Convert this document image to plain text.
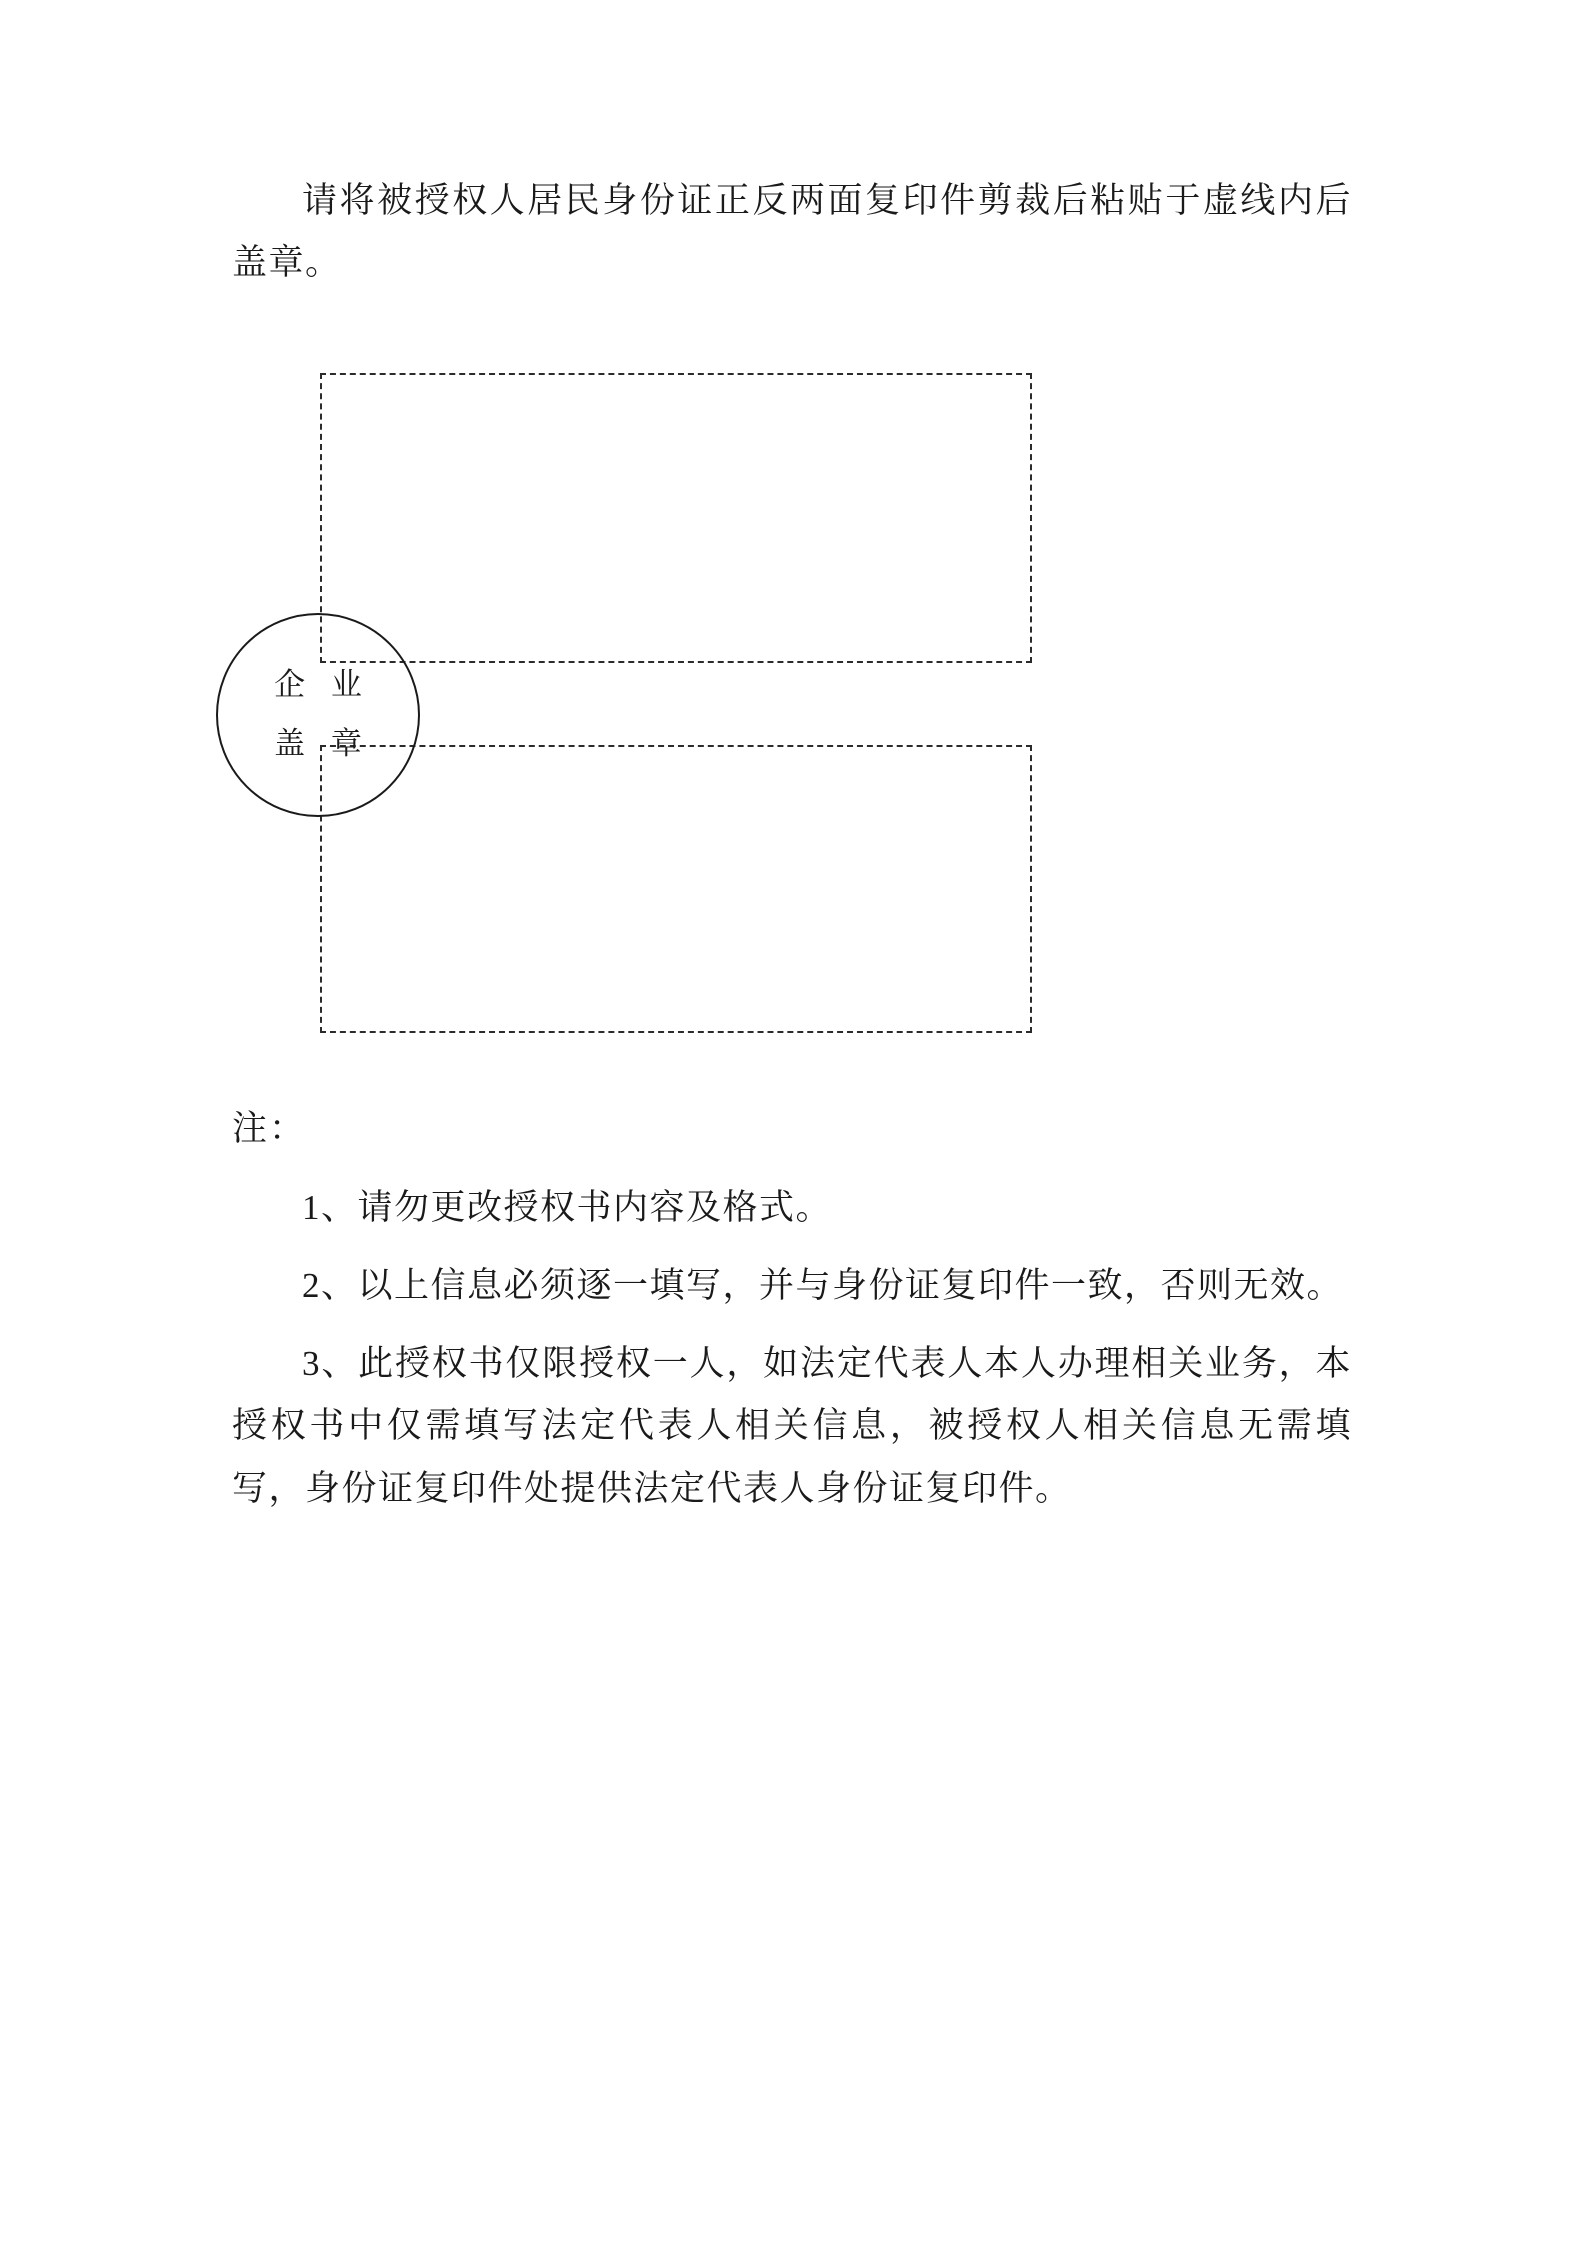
请将被授权人居民身份证正反两面复印件剪裁后粘贴于虚线内后盖章。

企 业
盖 章

注：

1、请勿更改授权书内容及格式。

2、以上信息必须逐一填写，并与身份证复印件一致，否则无效。

3、此授权书仅限授权一人，如法定代表人本人办理相关业务，本授权书中仅需填写法定代表人相关信息，被授权人相关信息无需填写，身份证复印件处提供法定代表人身份证复印件。
